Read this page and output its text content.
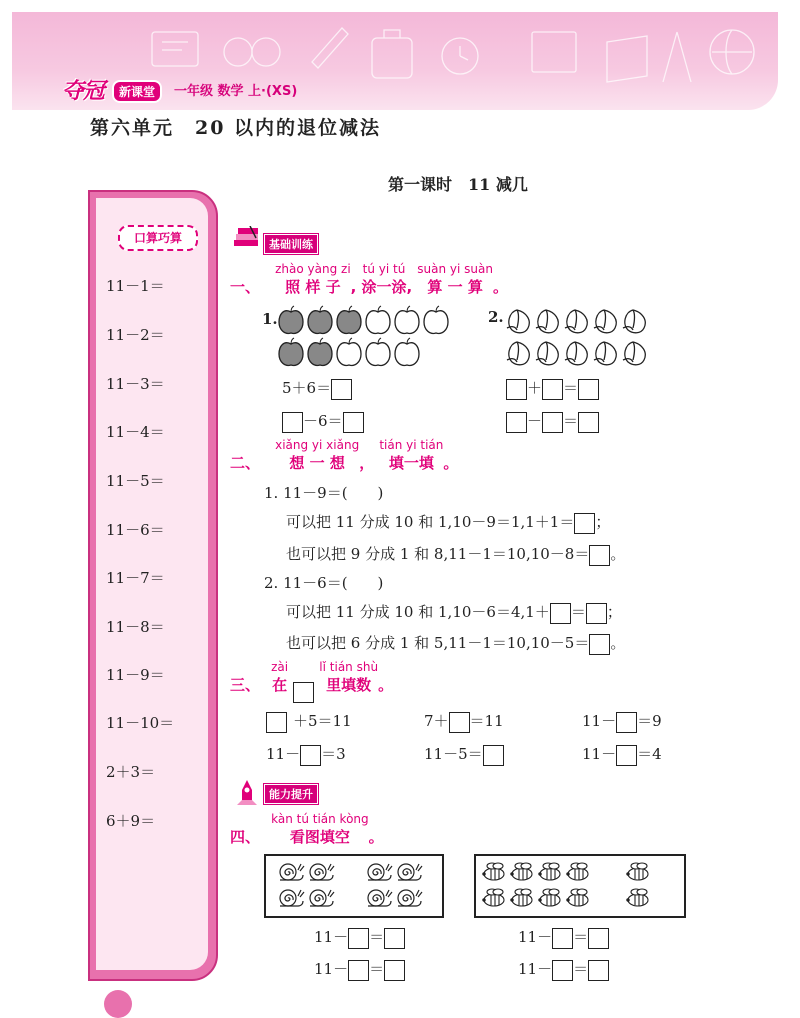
夺冠	新课堂	一年级 数学 上·(XS)
第六单元　20 以内的退位减法
第一课时　11 减几
口算巧算
11－1＝
11－2＝
11－3＝
11－4＝
11－5＝
11－6＝
11－7＝
11－8＝
11－9＝
11－10＝
2＋3＝
6＋9＝
基础训练
一、
zhào yàng zi
照 样 子 ,
tú yi tú
涂一涂 ,
suàn yi suàn
算 一 算 。
1.
5＋6＝
－6＝
2.
＋ ＝
－ ＝
二、
xiǎng yi xiǎng
想 一 想 ，
tián yi tián
填一填 。
1. 11－9＝(　　)
可以把 11 分成 10 和 1,10－9＝1,1＋1＝ ；
也可以把 9 分成 1 和 8,11－1＝10,10－8＝ 。
2. 11－6＝(　　)
可以把 11 分成 10 和 1,10－6＝4,1＋ ＝ ；
也可以把 6 分成 1 和 5,11－1＝10,10－5＝ 。
三、
zài
在

lǐ tián shù
里填数 。
＋5＝11	7＋ ＝11	11－ ＝9
11－ ＝3	11－5＝	11－ ＝4
能力提升
四、
kàn tú tián kòng
看图填空	。
11－ ＝
11－ ＝
11－ ＝
11－ ＝
